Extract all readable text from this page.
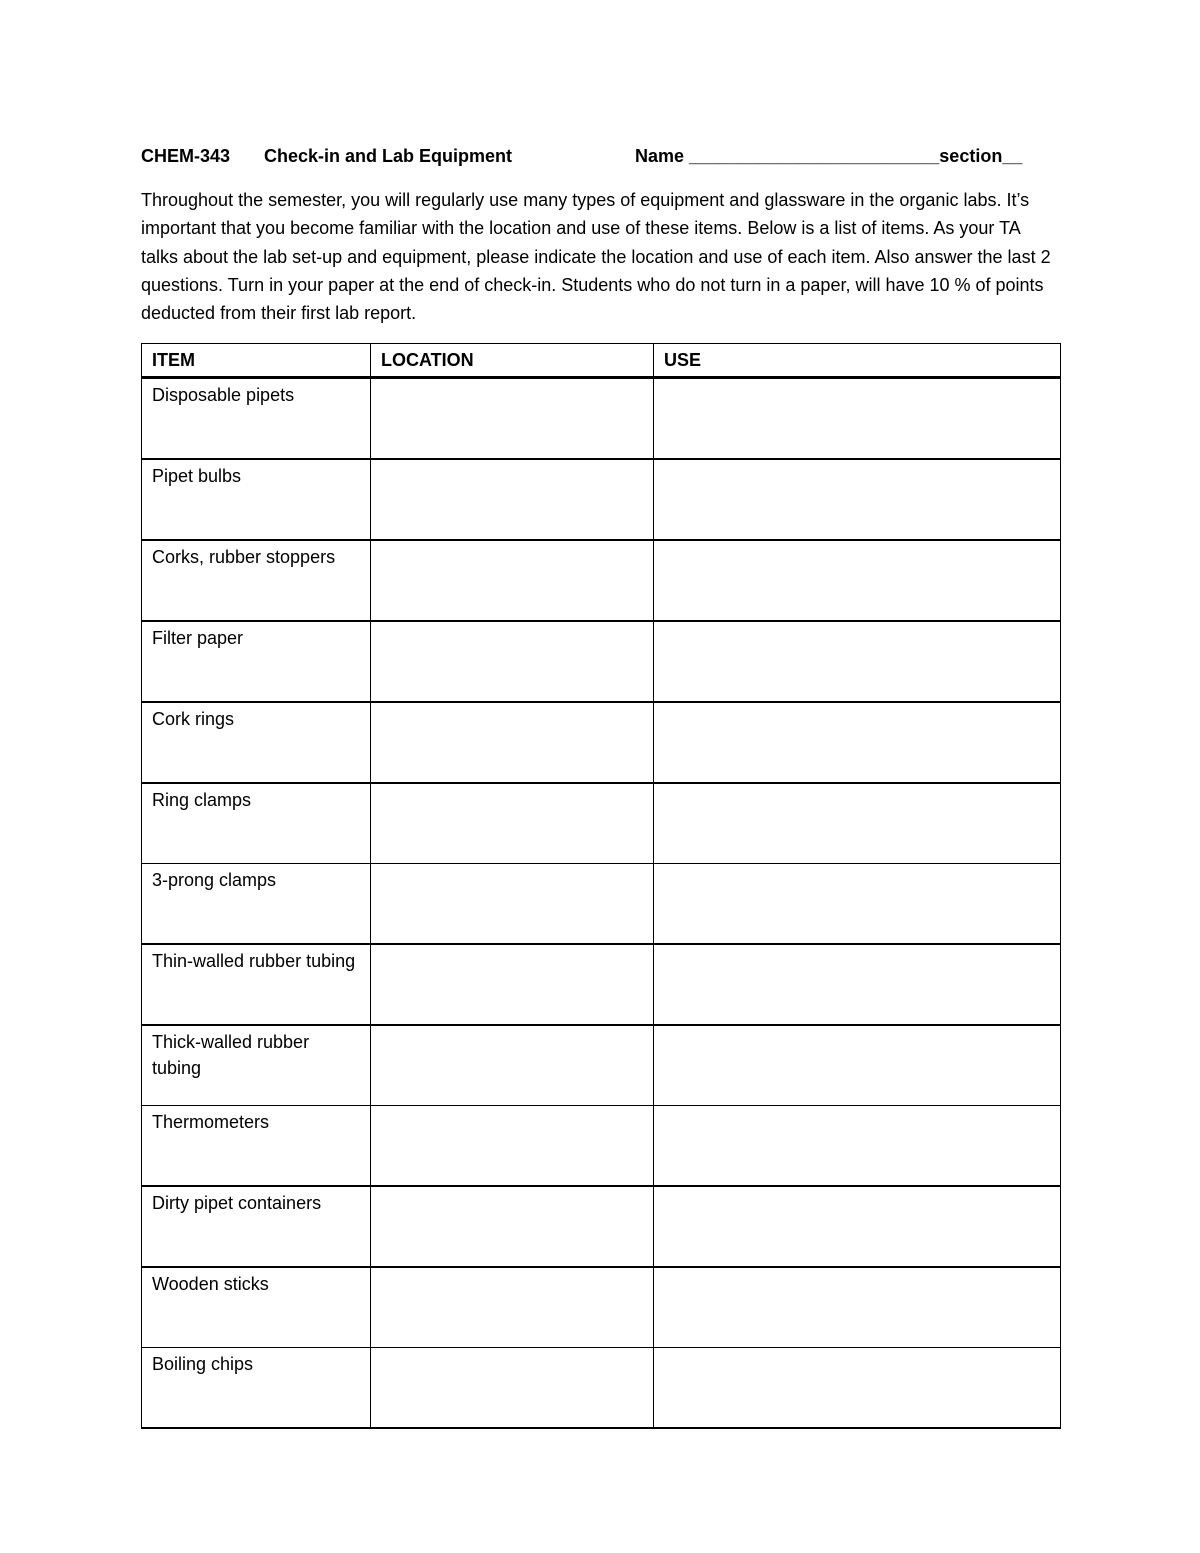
CHEM-343 Check-in and Lab Equipment	Name _________________________section__

Throughout the semester, you will regularly use many types of equipment and glassware in the organic labs. It’s important that you become familiar with the location and use of these items. Below is a list of items. As your TA talks about the lab set-up and equipment, please indicate the location and use of each item. Also answer the last 2 questions. Turn in your paper at the end of check-in. Students who do not turn in a paper, will have 10 % of points deducted from their first lab report.

ITEM	LOCATION	USE
Disposable pipets		
Pipet bulbs		
Corks, rubber stoppers		
Filter paper		
Cork rings		
Ring clamps		
3-prong clamps		
Thin-walled rubber tubing		
Thick-walled rubber tubing		
Thermometers		
Dirty pipet containers		
Wooden sticks		
Boiling chips		
